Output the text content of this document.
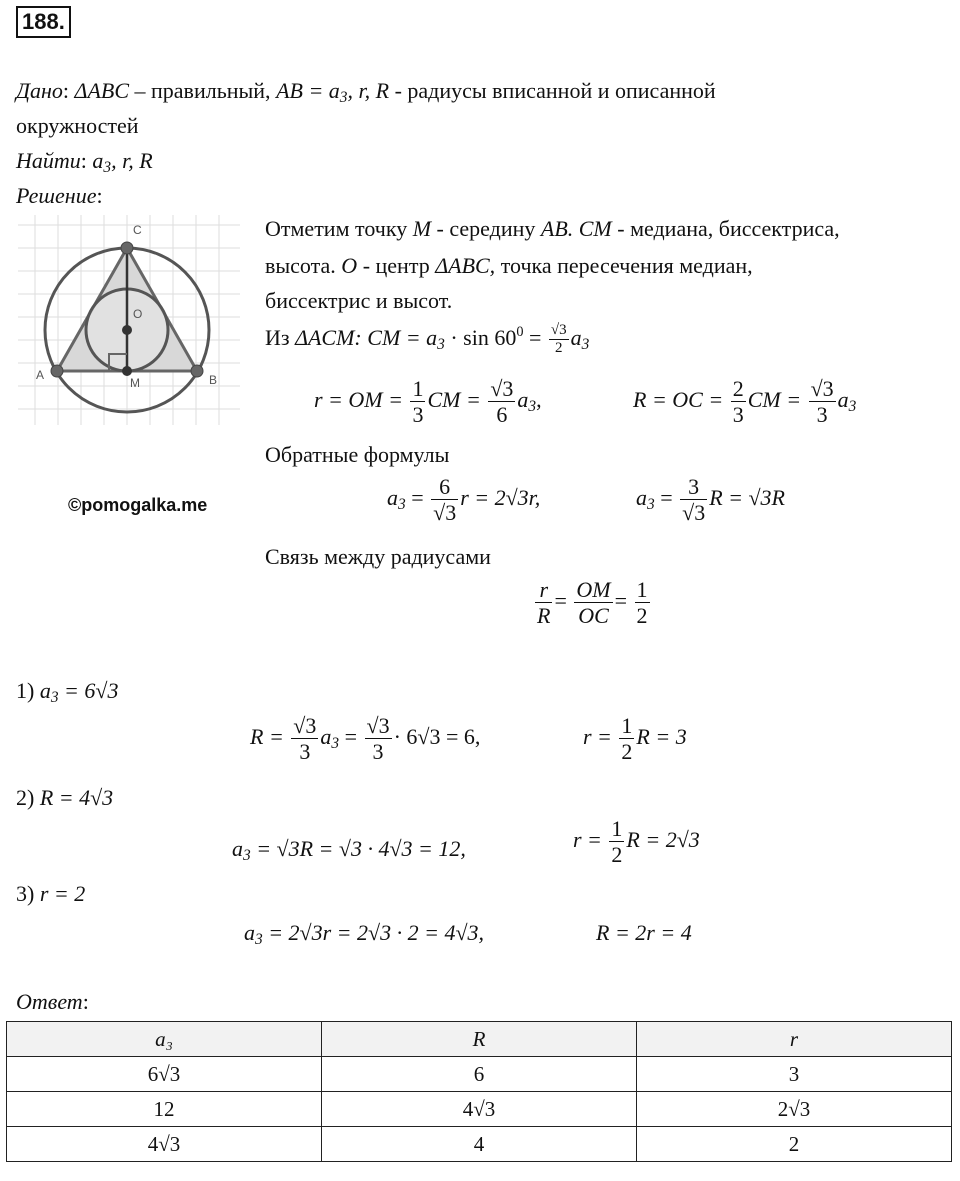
188.
Дано: ΔABC – правильный, AB = $a_3$, r, R - радиусы вписанной и описанной
окружностей
Найти: $a_3$, r, R
Решение:
C
A	B
O
M
©pomogalka.me
Отметим точку M - середину AB. CM - медиана, биссектриса,
высота. O - центр ΔABC, точка пересечения медиан,
биссектрис и высот.
Из ΔACM: CM = $a_3 \cdot \sin 60^0 = \frac{√3}{2} a_3$
r = OM = $\frac{1}{3}$ CM = $\frac{√3}{6} a_3$,	R = OC = $\frac{2}{3}$ CM = $\frac{√3}{3} a_3$
Обратные формулы
$a_3 = \frac{6}{√3}$ r = 2√3r,	$a_3 = \frac{3}{√3}$ R = √3R
Связь между радиусами
$\frac{r}{R} = \frac{OM}{OC} = \frac{1}{2}$
1) $a_3 = 6√3$
$R = \frac{√3}{3} a_3 = \frac{√3}{3} \cdot 6√3 = 6$,	$r = \frac{1}{2}$ R = 3
2) R = 4√3
$a_3 = √3R = √3 \cdot 4√3 = 12$,	$r = \frac{1}{2}$ R = 2√3
3) r = 2
$a_3 = 2√3r = 2√3 \cdot 2 = 4√3$,	R = 2r = 4
Ответ:
a₃	R	r
6√3	6	3
12	4√3	2√3
4√3	4	2
